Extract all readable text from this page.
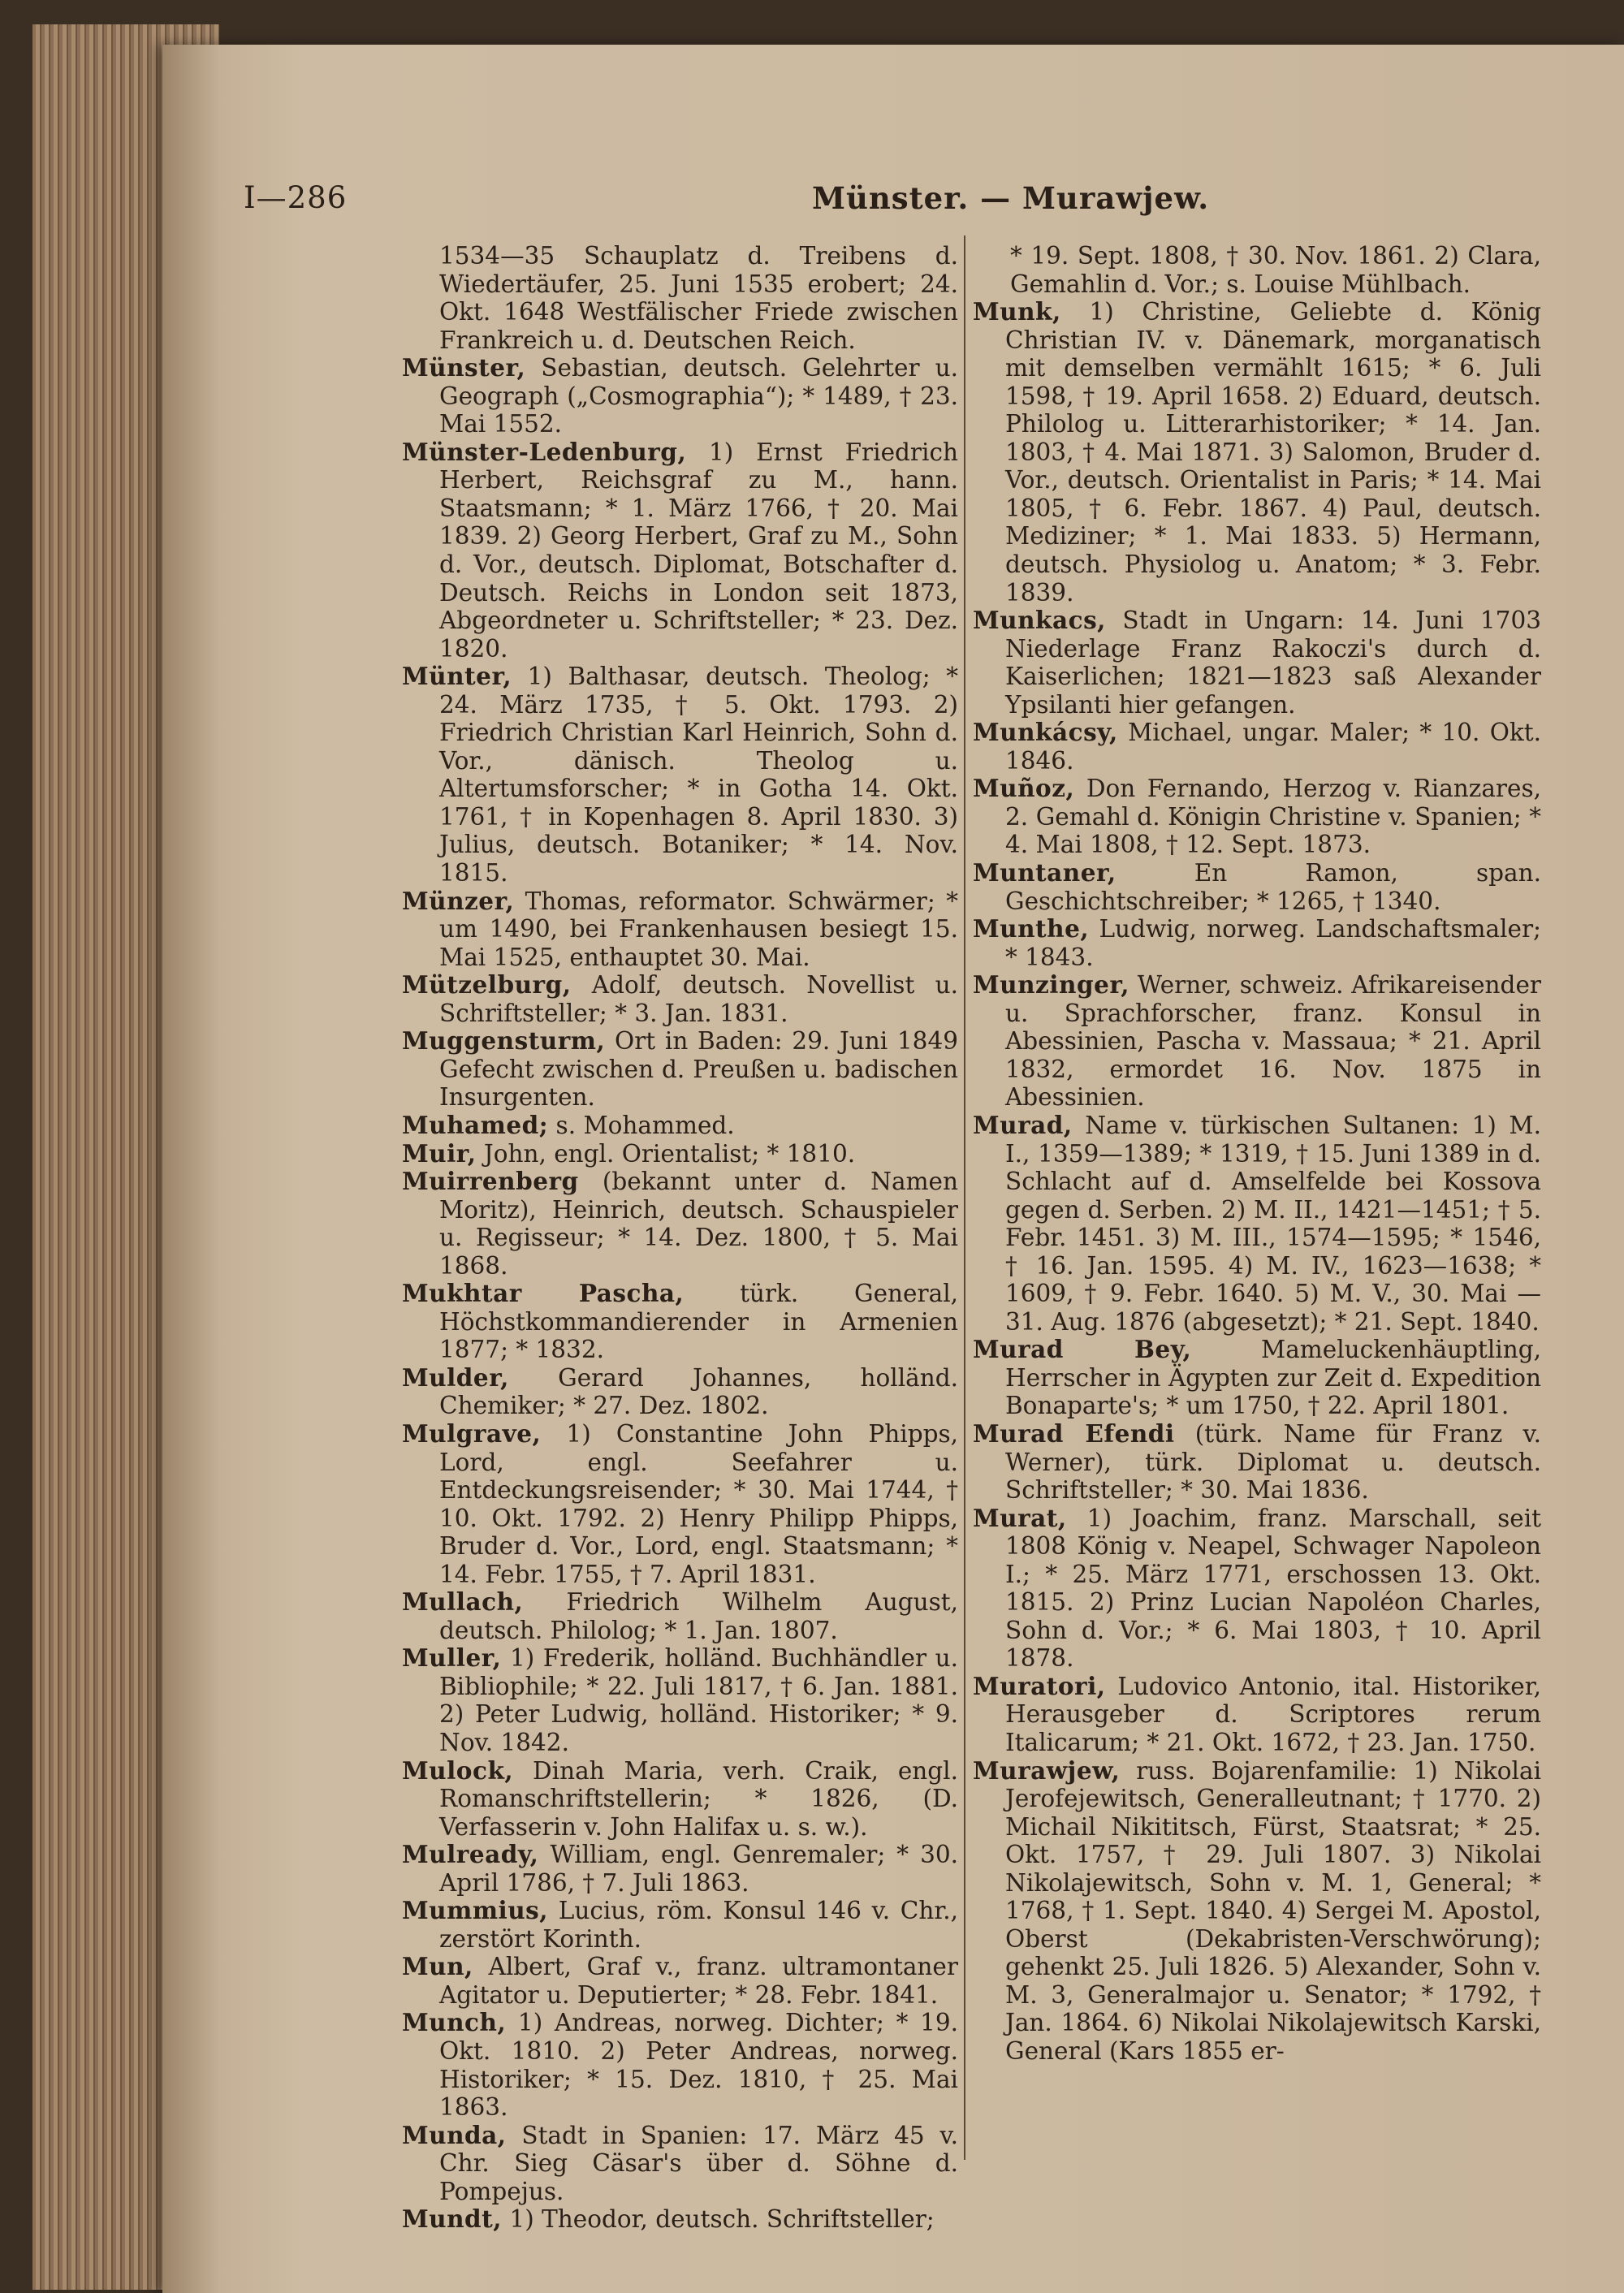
I—286	Münster. — Murawjew.

1534—35 Schauplatz d. Treibens d. Wiedertäufer, 25. Juni 1535 erobert; 24. Okt. 1648 Westfälischer Friede zwischen Frankreich u. d. Deutschen Reich.

Münster, Sebastian, deutsch. Gelehrter u. Geograph („Cosmographia“); * 1489, † 23. Mai 1552.

Münster-Ledenburg, 1) Ernst Friedrich Herbert, Reichsgraf zu M., hann. Staatsmann; * 1. März 1766, † 20. Mai 1839. 2) Georg Herbert, Graf zu M., Sohn d. Vor., deutsch. Diplomat, Botschafter d. Deutsch. Reichs in London seit 1873, Abgeordneter u. Schriftsteller; * 23. Dez. 1820.

Münter, 1) Balthasar, deutsch. Theolog; * 24. März 1735, † 5. Okt. 1793. 2) Friedrich Christian Karl Heinrich, Sohn d. Vor., dänisch. Theolog u. Altertumsforscher; * in Gotha 14. Okt. 1761, † in Kopenhagen 8. April 1830. 3) Julius, deutsch. Botaniker; * 14. Nov. 1815.

Münzer, Thomas, reformator. Schwärmer; * um 1490, bei Frankenhausen besiegt 15. Mai 1525, enthauptet 30. Mai.

Mützelburg, Adolf, deutsch. Novellist u. Schriftsteller; * 3. Jan. 1831.

Muggensturm, Ort in Baden: 29. Juni 1849 Gefecht zwischen d. Preußen u. badischen Insurgenten.

Muhamed; s. Mohammed.

Muir, John, engl. Orientalist; * 1810.

Muirrenberg (bekannt unter d. Namen Moritz), Heinrich, deutsch. Schauspieler u. Regisseur; * 14. Dez. 1800, † 5. Mai 1868.

Mukhtar Pascha, türk. General, Höchstkommandierender in Armenien 1877; * 1832.

Mulder, Gerard Johannes, holländ. Chemiker; * 27. Dez. 1802.

Mulgrave, 1) Constantine John Phipps, Lord, engl. Seefahrer u. Entdeckungsreisender; * 30. Mai 1744, † 10. Okt. 1792. 2) Henry Philipp Phipps, Bruder d. Vor., Lord, engl. Staatsmann; * 14. Febr. 1755, † 7. April 1831.

Mullach, Friedrich Wilhelm August, deutsch. Philolog; * 1. Jan. 1807.

Muller, 1) Frederik, holländ. Buchhändler u. Bibliophile; * 22. Juli 1817, † 6. Jan. 1881. 2) Peter Ludwig, holländ. Historiker; * 9. Nov. 1842.

Mulock, Dinah Maria, verh. Craik, engl. Romanschriftstellerin; * 1826, (D. Verfasserin v. John Halifax u. s. w.).

Mulready, William, engl. Genremaler; * 30. April 1786, † 7. Juli 1863.

Mummius, Lucius, röm. Konsul 146 v. Chr., zerstört Korinth.

Mun, Albert, Graf v., franz. ultramontaner Agitator u. Deputierter; * 28. Febr. 1841.

Munch, 1) Andreas, norweg. Dichter; * 19. Okt. 1810. 2) Peter Andreas, norweg. Historiker; * 15. Dez. 1810, † 25. Mai 1863.

Munda, Stadt in Spanien: 17. März 45 v. Chr. Sieg Cäsar's über d. Söhne d. Pompejus.

Mundt, 1) Theodor, deutsch. Schriftsteller;

* 19. Sept. 1808, † 30. Nov. 1861. 2) Clara, Gemahlin d. Vor.; s. Louise Mühlbach.

Munk, 1) Christine, Geliebte d. König Christian IV. v. Dänemark, morganatisch mit demselben vermählt 1615; * 6. Juli 1598, † 19. April 1658. 2) Eduard, deutsch. Philolog u. Litterarhistoriker; * 14. Jan. 1803, † 4. Mai 1871. 3) Salomon, Bruder d. Vor., deutsch. Orientalist in Paris; * 14. Mai 1805, † 6. Febr. 1867. 4) Paul, deutsch. Mediziner; * 1. Mai 1833. 5) Hermann, deutsch. Physiolog u. Anatom; * 3. Febr. 1839.

Munkacs, Stadt in Ungarn: 14. Juni 1703 Niederlage Franz Rakoczi's durch d. Kaiserlichen; 1821—1823 saß Alexander Ypsilanti hier gefangen.

Munkácsy, Michael, ungar. Maler; * 10. Okt. 1846.

Muñoz, Don Fernando, Herzog v. Rianzares, 2. Gemahl d. Königin Christine v. Spanien; * 4. Mai 1808, † 12. Sept. 1873.

Muntaner, En Ramon, span. Geschichtschreiber; * 1265, † 1340.

Munthe, Ludwig, norweg. Landschaftsmaler; * 1843.

Munzinger, Werner, schweiz. Afrikareisender u. Sprachforscher, franz. Konsul in Abessinien, Pascha v. Massaua; * 21. April 1832, ermordet 16. Nov. 1875 in Abessinien.

Murad, Name v. türkischen Sultanen: 1) M. I., 1359—1389; * 1319, † 15. Juni 1389 in d. Schlacht auf d. Amselfelde bei Kossova gegen d. Serben. 2) M. II., 1421—1451; † 5. Febr. 1451. 3) M. III., 1574—1595; * 1546, † 16. Jan. 1595. 4) M. IV., 1623—1638; * 1609, † 9. Febr. 1640. 5) M. V., 30. Mai — 31. Aug. 1876 (abgesetzt); * 21. Sept. 1840.

Murad Bey, Mameluckenhäuptling, Herrscher in Ägypten zur Zeit d. Expedition Bonaparte's; * um 1750, † 22. April 1801.

Murad Efendi (türk. Name für Franz v. Werner), türk. Diplomat u. deutsch. Schriftsteller; * 30. Mai 1836.

Murat, 1) Joachim, franz. Marschall, seit 1808 König v. Neapel, Schwager Napoleon I.; * 25. März 1771, erschossen 13. Okt. 1815. 2) Prinz Lucian Napoléon Charles, Sohn d. Vor.; * 6. Mai 1803, † 10. April 1878.

Muratori, Ludovico Antonio, ital. Historiker, Herausgeber d. Scriptores rerum Italicarum; * 21. Okt. 1672, † 23. Jan. 1750.

Murawjew, russ. Bojarenfamilie: 1) Nikolai Jerofejewitsch, Generalleutnant; † 1770. 2) Michail Nikititsch, Fürst, Staatsrat; * 25. Okt. 1757, † 29. Juli 1807. 3) Nikolai Nikolajewitsch, Sohn v. M. 1, General; * 1768, † 1. Sept. 1840. 4) Sergei M. Apostol, Oberst (Dekabristen-Verschwörung); gehenkt 25. Juli 1826. 5) Alexander, Sohn v. M. 3, Generalmajor u. Senator; * 1792, † Jan. 1864. 6) Nikolai Nikolajewitsch Karski, General (Kars 1855 er-
